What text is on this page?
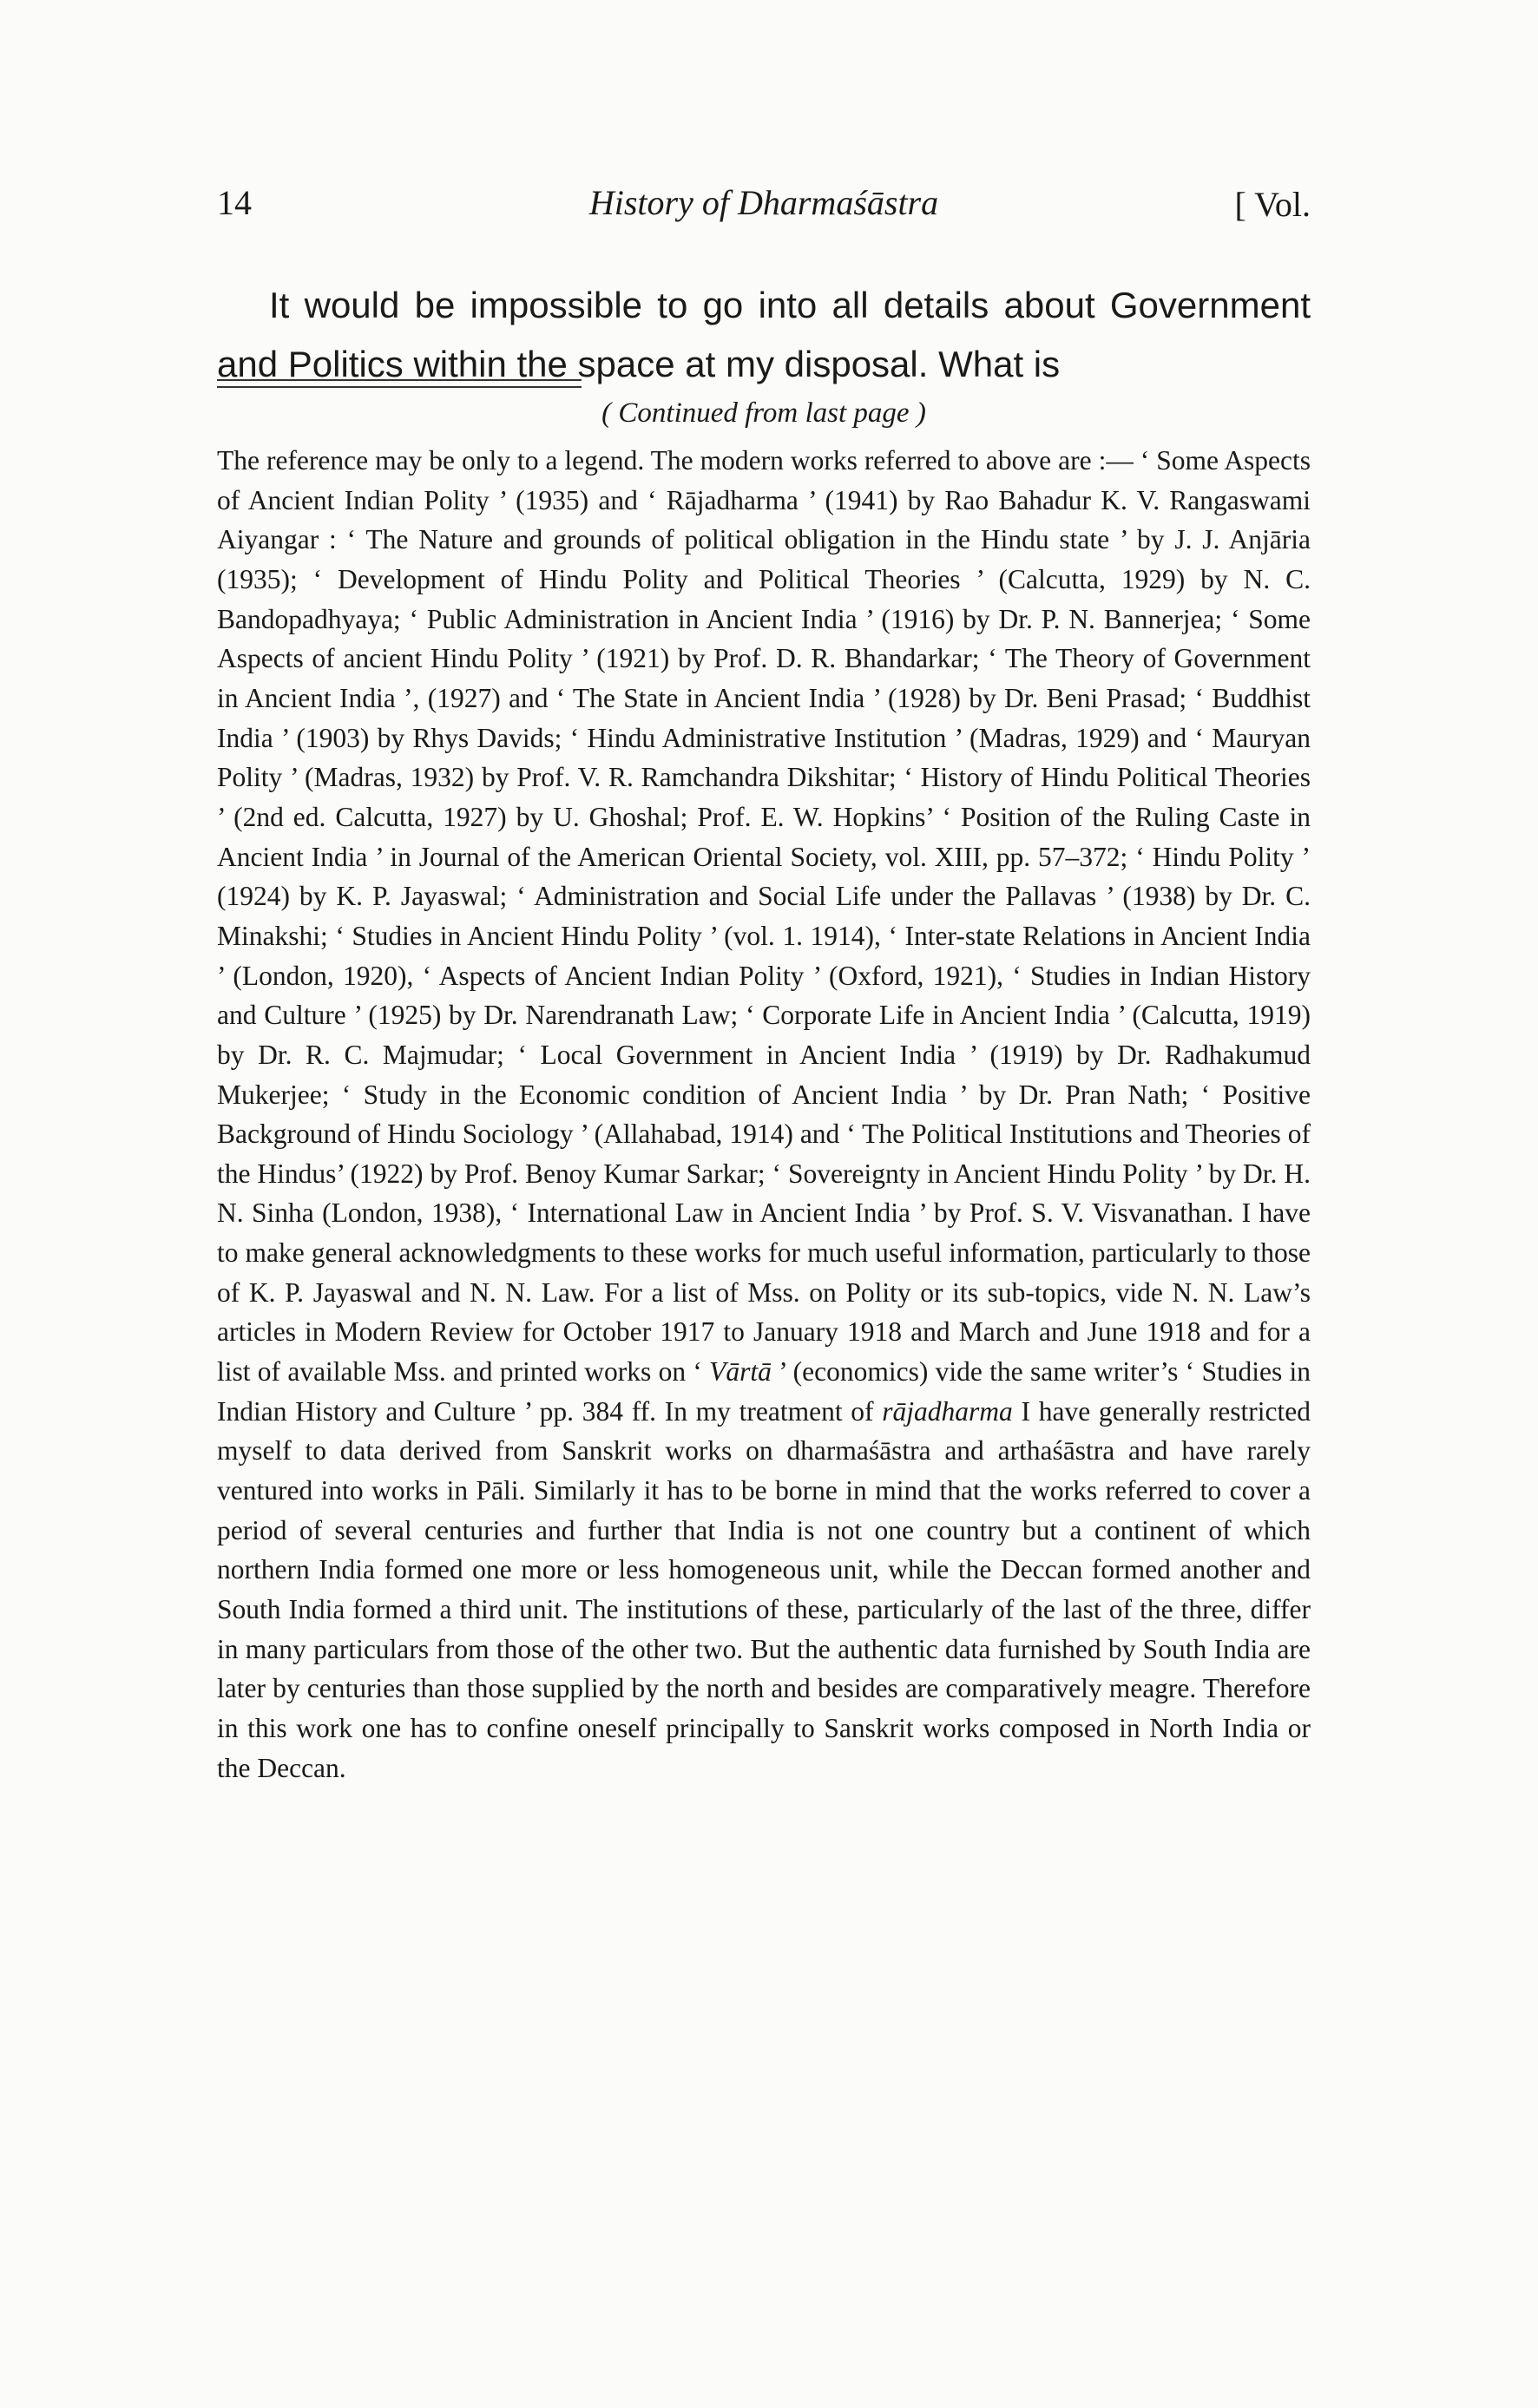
14	History of Dharmaśāstra	[ Vol.

It would be impossible to go into all details about Government and Politics within the space at my disposal. What is

( Continued from last page )

The reference may be only to a legend. The modern works referred to above are :— ‘ Some Aspects of Ancient Indian Polity ’ (1935) and ‘ Rājadharma ’ (1941) by Rao Bahadur K. V. Rangaswami Aiyangar : ‘ The Nature and grounds of political obligation in the Hindu state ’ by J. J. Anjāria (1935); ‘ Development of Hindu Polity and Political Theories ’ (Calcutta, 1929) by N. C. Bandopadhyaya; ‘ Public Administration in Ancient India ’ (1916) by Dr. P. N. Bannerjea; ‘ Some Aspects of ancient Hindu Polity ’ (1921) by Prof. D. R. Bhandarkar; ‘ The Theory of Government in Ancient India ’, (1927) and ‘ The State in Ancient India ’ (1928) by Dr. Beni Prasad; ‘ Buddhist India ’ (1903) by Rhys Davids; ‘ Hindu Administrative Institution ’ (Madras, 1929) and ‘ Mauryan Polity ’ (Madras, 1932) by Prof. V. R. Ramchandra Dikshitar; ‘ History of Hindu Political Theories ’ (2nd ed. Calcutta, 1927) by U. Ghoshal; Prof. E. W. Hopkins’ ‘ Position of the Ruling Caste in Ancient India ’ in Journal of the American Oriental Society, vol. XIII, pp. 57–372; ‘ Hindu Polity ’ (1924) by K. P. Jayaswal; ‘ Administration and Social Life under the Pallavas ’ (1938) by Dr. C. Minakshi; ‘ Studies in Ancient Hindu Polity ’ (vol. 1. 1914), ‘ Inter-state Relations in Ancient India ’ (London, 1920), ‘ Aspects of Ancient Indian Polity ’ (Oxford, 1921), ‘ Studies in Indian History and Culture ’ (1925) by Dr. Narendranath Law; ‘ Corporate Life in Ancient India ’ (Calcutta, 1919) by Dr. R. C. Majmudar; ‘ Local Government in Ancient India ’ (1919) by Dr. Radhakumud Mukerjee; ‘ Study in the Economic condition of Ancient India ’ by Dr. Pran Nath; ‘ Positive Background of Hindu Sociology ’ (Allahabad, 1914) and ‘ The Political Institutions and Theories of the Hindus’ (1922) by Prof. Benoy Kumar Sarkar; ‘ Sovereignty in Ancient Hindu Polity ’ by Dr. H. N. Sinha (London, 1938), ‘ International Law in Ancient India ’ by Prof. S. V. Visvanathan. I have to make general acknowledgments to these works for much useful information, particularly to those of K. P. Jayaswal and N. N. Law. For a list of Mss. on Polity or its sub-topics, vide N. N. Law’s articles in Modern Review for October 1917 to January 1918 and March and June 1918 and for a list of available Mss. and printed works on ‘ Vārtā ’ (economics) vide the same writer’s ‘ Studies in Indian History and Culture ’ pp. 384 ff. In my treatment of rājadharma I have generally restricted myself to data derived from Sanskrit works on dharmaśāstra and arthaśāstra and have rarely ventured into works in Pāli. Similarly it has to be borne in mind that the works referred to cover a period of several centuries and further that India is not one country but a continent of which northern India formed one more or less homogeneous unit, while the Deccan formed another and South India formed a third unit. The institutions of these, particularly of the last of the three, differ in many particulars from those of the other two. But the authentic data furnished by South India are later by centuries than those supplied by the north and besides are comparatively meagre. Therefore in this work one has to confine oneself principally to Sanskrit works composed in North India or the Deccan.
